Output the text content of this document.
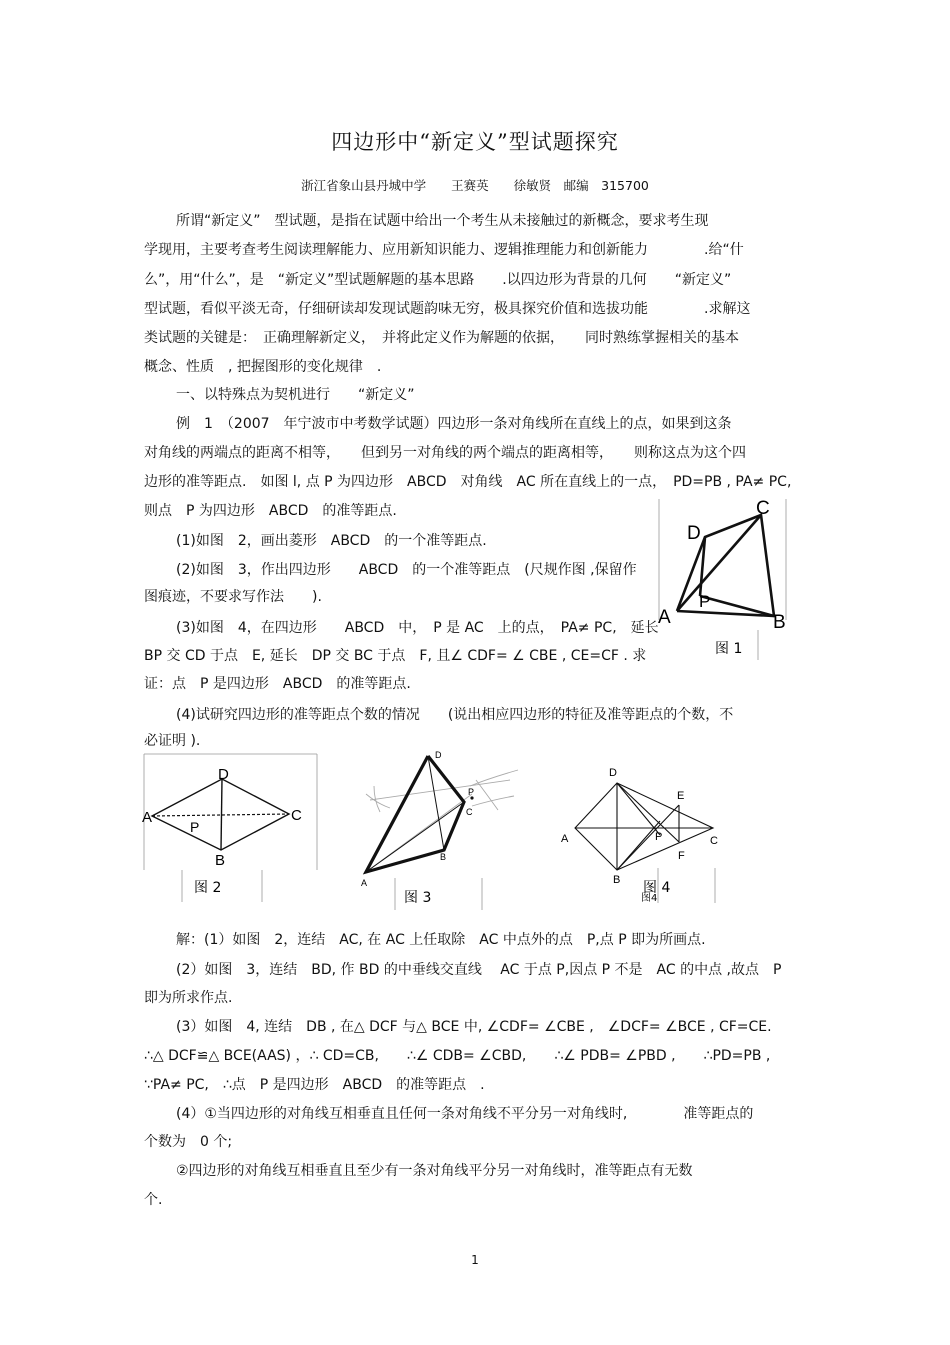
四边形中“新定义”型试题探究
浙江省象山县丹城中学　　王赛英　　徐敏贤　邮编　315700
所谓“新定义”　型试题，是指在试题中给出一个考生从未接触过的新概念，要求考生现
学现用，主要考查考生阅读理解能力、应用新知识能力、逻辑推理能力和创新能力　　　　.给“什
么”，用“什么”，是　“新定义”型试题解题的基本思路　　.以四边形为背景的几何　　“新定义”
型试题，看似平淡无奇，仔细研读却发现试题韵味无穷，极具探究价值和选拔功能　　　　.求解这
类试题的关键是：　正确理解新定义，　并将此定义作为解题的依据，　　同时熟练掌握相关的基本
概念、性质　, 把握图形的变化规律　.
一、以特殊点为契机进行　　“新定义”
例　1　（2007　年宁波市中考数学试题）四边形一条对角线所在直线上的点，如果到这条
对角线的两端点的距离不相等，　　但到另一对角线的两个端点的距离相等，　　则称这点为这个四
边形的准等距点.　如图 l, 点 P 为四边形　ABCD　对角线　AC 所在直线上的一点，　PD=PB , PA≠ PC,
则点　P 为四边形　ABCD　的准等距点.
(1)如图　2，画出菱形　ABCD　的一个准等距点.
(2)如图　3，作出四边形　　ABCD　的一个准等距点　(尺规作图 ,保留作
图痕迹，不要求写作法　　).
(3)如图　4，在四边形　　ABCD　中，　P 是 AC　上的点，　PA≠ PC,　延长
BP 交 CD 于点　E, 延长　DP 交 BC 于点　F, 且∠ CDF= ∠ CBE , CE=CF . 求
证：点　P 是四边形　ABCD　的准等距点.
(4)试研究四边形的准等距点个数的情况　　(说出相应四边形的特征及准等距点的个数，不
必证明 ).
D
C
P
A	B
图 1
A
D
C
P
B
图 2
D
P
C
B
A
图 3
D
E
A	P	C
F
B 图 4
图4
解：(1）如图　2，连结　AC, 在 AC 上任取除　AC 中点外的点　P,点 P 即为所画点.
(2）如图　3，连结　BD, 作 BD 的中垂线交直线　 AC 于点 P,因点 P 不是　AC 的中点 ,故点　P
即为所求作点.
(3）如图　4, 连结　DB , 在△ DCF 与△ BCE 中, ∠CDF= ∠CBE ,　∠DCF= ∠BCE , CF=CE.
∴△ DCF≌△ BCE(AAS) ，∴ CD=CB,　　∴∠ CDB= ∠CBD,　　∴∠ PDB= ∠PBD ,　　∴PD=PB ,
∵PA≠ PC,　∴点　P 是四边形　ABCD　的准等距点　.
(4）①当四边形的对角线互相垂直且任何一条对角线不平分另一对角线时,　　　　准等距点的
个数为　0 个;
②四边形的对角线互相垂直且至少有一条对角线平分另一对角线时，准等距点有无数
个.
1
